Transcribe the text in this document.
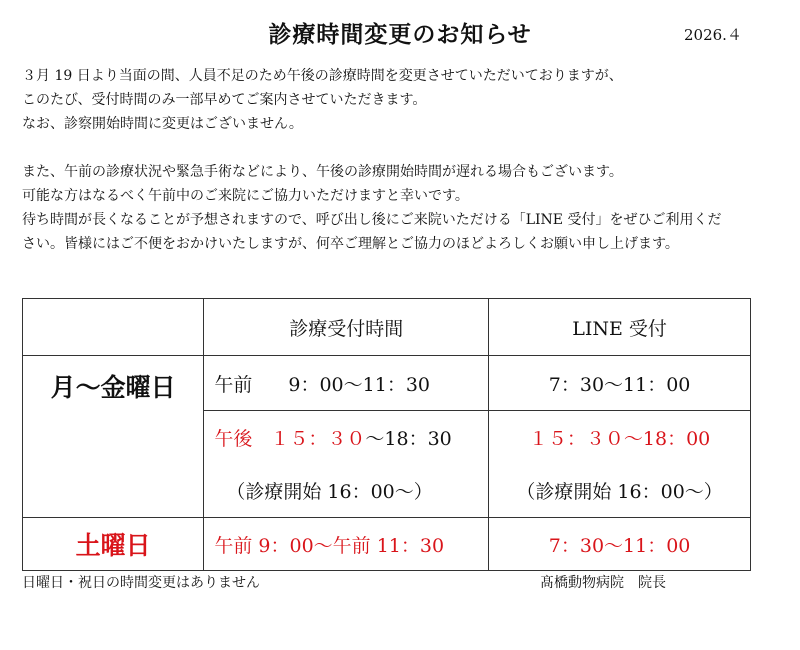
診療時間変更のお知らせ	2026.４

３月 19 日より当面の間、人員不足のため午後の診療時間を変更させていただいておりますが、

このたび、受付時間のみ一部早めてご案内させていただきます。

なお、診察開始時間に変更はございません。

また、午前の診療状況や緊急手術などにより、午後の診療開始時間が遅れる場合もございます。

可能な方はなるべく午前中のご来院にご協力いただけますと幸いです。

待ち時間が長くなることが予想されますので、呼び出し後にご来院いただける「LINE 受付」をぜひご利用くだ

さい。皆様にはご不便をおかけいたしますが、何卒ご理解とご協力のほどよろしくお願い申し上げます。

	診療受付時間	LINE 受付
月～金曜日	午前 9：00～11：30	7：30～11：00
	午後 １５：３０～18：30	１５：３０～18：00
	（診療開始 16：00～）	（診療開始 16：00～）
土曜日	午前 9：00～午前 11：30	7：30～11：00
日曜日・祝日の時間変更はありません	髙橋動物病院　院長
